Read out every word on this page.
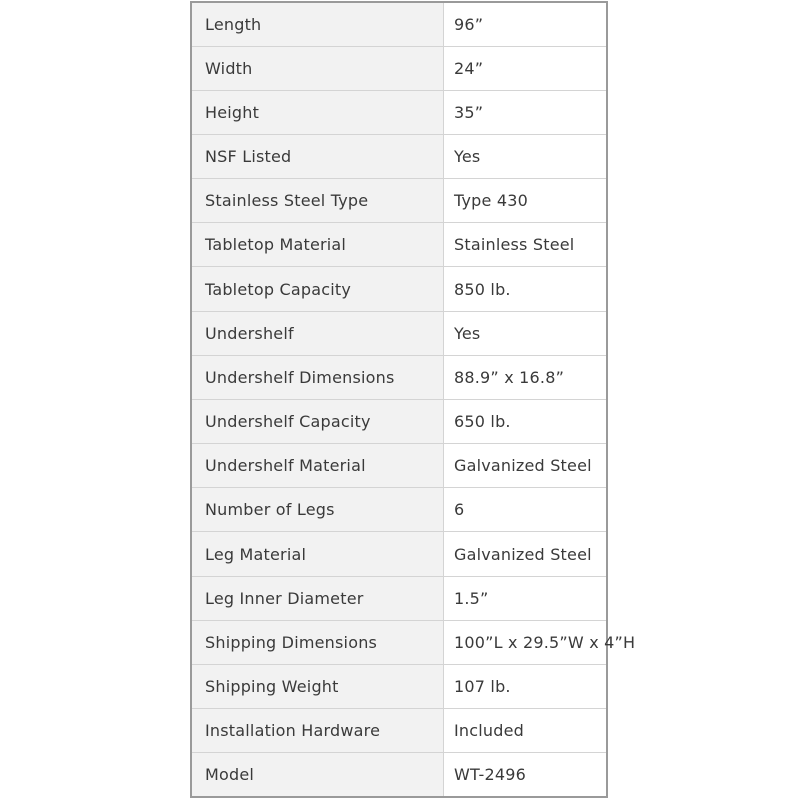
Length	96”
Width	24”
Height	35”
NSF Listed	Yes
Stainless Steel Type	Type 430
Tabletop Material	Stainless Steel
Tabletop Capacity	850 lb.
Undershelf	Yes
Undershelf Dimensions	88.9” x 16.8”
Undershelf Capacity	650 lb.
Undershelf Material	Galvanized Steel
Number of Legs	6
Leg Material	Galvanized Steel
Leg Inner Diameter	1.5”
Shipping Dimensions	100”L x 29.5”W x 4”H
Shipping Weight	107 lb.
Installation Hardware	Included
Model	WT-2496
